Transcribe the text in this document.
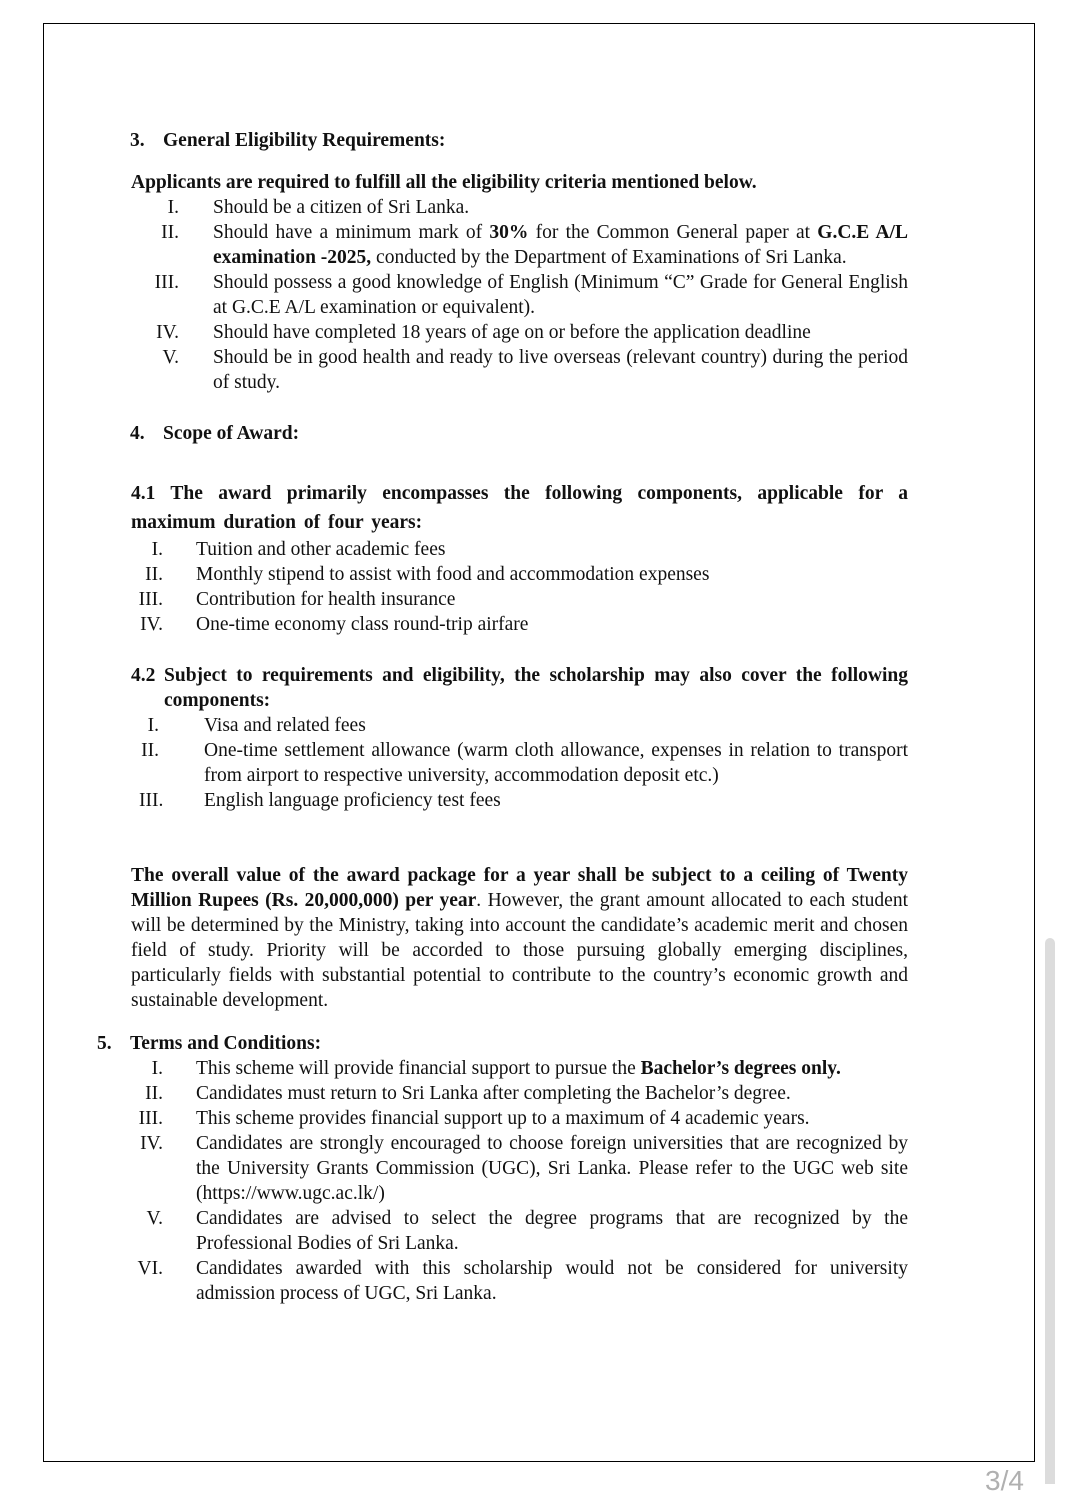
3. General Eligibility Requirements:
Applicants are required to fulfill all the eligibility criteria mentioned below.
I. Should be a citizen of Sri Lanka.
II. Should have a minimum mark of 30% for the Common General paper at G.C.E A/L examination -2025, conducted by the Department of Examinations of Sri Lanka.
III. Should possess a good knowledge of English (Minimum “C” Grade for General English at G.C.E A/L examination or equivalent).
IV. Should have completed 18 years of age on or before the application deadline
V. Should be in good health and ready to live overseas (relevant country) during the period of study.
4. Scope of Award:
4.1 The award primarily encompasses the following components, applicable for a maximum duration of four years:
I. Tuition and other academic fees
II. Monthly stipend to assist with food and accommodation expenses
III. Contribution for health insurance
IV. One-time economy class round-trip airfare
4.2 Subject to requirements and eligibility, the scholarship may also cover the following components:
I. Visa and related fees
II. One-time settlement allowance (warm cloth allowance, expenses in relation to transport from airport to respective university, accommodation deposit etc.)
III. English language proficiency test fees
The overall value of the award package for a year shall be subject to a ceiling of Twenty Million Rupees (Rs. 20,000,000) per year. However, the grant amount allocated to each student will be determined by the Ministry, taking into account the candidate’s academic merit and chosen field of study. Priority will be accorded to those pursuing globally emerging disciplines, particularly fields with substantial potential to contribute to the country’s economic growth and sustainable development.
5. Terms and Conditions:
I. This scheme will provide financial support to pursue the Bachelor’s degrees only.
II. Candidates must return to Sri Lanka after completing the Bachelor’s degree.
III. This scheme provides financial support up to a maximum of 4 academic years.
IV. Candidates are strongly encouraged to choose foreign universities that are recognized by the University Grants Commission (UGC), Sri Lanka. Please refer to the UGC web site (https://www.ugc.ac.lk/)
V. Candidates are advised to select the degree programs that are recognized by the Professional Bodies of Sri Lanka.
VI. Candidates awarded with this scholarship would not be considered for university admission process of UGC, Sri Lanka.
3/4
